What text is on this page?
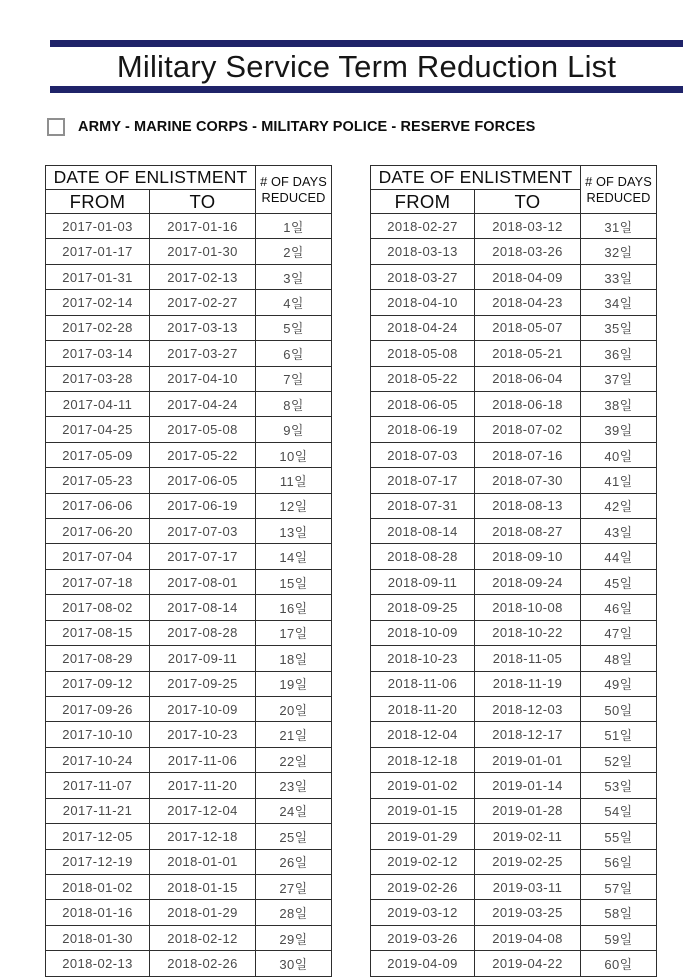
Military Service Term Reduction List
ARMY - MARINE CORPS - MILITARY POLICE - RESERVE FORCES
DATE OF ENLISTMENT		# OF DAYS
REDUCED

FROM	TO	
2017-01-03	2017-01-16	1일
2017-01-17	2017-01-30	2일
2017-01-31	2017-02-13	3일
2017-02-14	2017-02-27	4일
2017-02-28	2017-03-13	5일
2017-03-14	2017-03-27	6일
2017-03-28	2017-04-10	7일
2017-04-11	2017-04-24	8일
2017-04-25	2017-05-08	9일
2017-05-09	2017-05-22	10일
2017-05-23	2017-06-05	11일
2017-06-06	2017-06-19	12일
2017-06-20	2017-07-03	13일
2017-07-04	2017-07-17	14일
2017-07-18	2017-08-01	15일
2017-08-02	2017-08-14	16일
2017-08-15	2017-08-28	17일
2017-08-29	2017-09-11	18일
2017-09-12	2017-09-25	19일
2017-09-26	2017-10-09	20일
2017-10-10	2017-10-23	21일
2017-10-24	2017-11-06	22일
2017-11-07	2017-11-20	23일
2017-11-21	2017-12-04	24일
2017-12-05	2017-12-18	25일
2017-12-19	2018-01-01	26일
2018-01-02	2018-01-15	27일
2018-01-16	2018-01-29	28일
2018-01-30	2018-02-12	29일
2018-02-13	2018-02-26	30일
DATE OF ENLISTMENT		# OF DAYS
REDUCED

FROM	TO	
2018-02-27	2018-03-12	31일
2018-03-13	2018-03-26	32일
2018-03-27	2018-04-09	33일
2018-04-10	2018-04-23	34일
2018-04-24	2018-05-07	35일
2018-05-08	2018-05-21	36일
2018-05-22	2018-06-04	37일
2018-06-05	2018-06-18	38일
2018-06-19	2018-07-02	39일
2018-07-03	2018-07-16	40일
2018-07-17	2018-07-30	41일
2018-07-31	2018-08-13	42일
2018-08-14	2018-08-27	43일
2018-08-28	2018-09-10	44일
2018-09-11	2018-09-24	45일
2018-09-25	2018-10-08	46일
2018-10-09	2018-10-22	47일
2018-10-23	2018-11-05	48일
2018-11-06	2018-11-19	49일
2018-11-20	2018-12-03	50일
2018-12-04	2018-12-17	51일
2018-12-18	2019-01-01	52일
2019-01-02	2019-01-14	53일
2019-01-15	2019-01-28	54일
2019-01-29	2019-02-11	55일
2019-02-12	2019-02-25	56일
2019-02-26	2019-03-11	57일
2019-03-12	2019-03-25	58일
2019-03-26	2019-04-08	59일
2019-04-09	2019-04-22	60일
